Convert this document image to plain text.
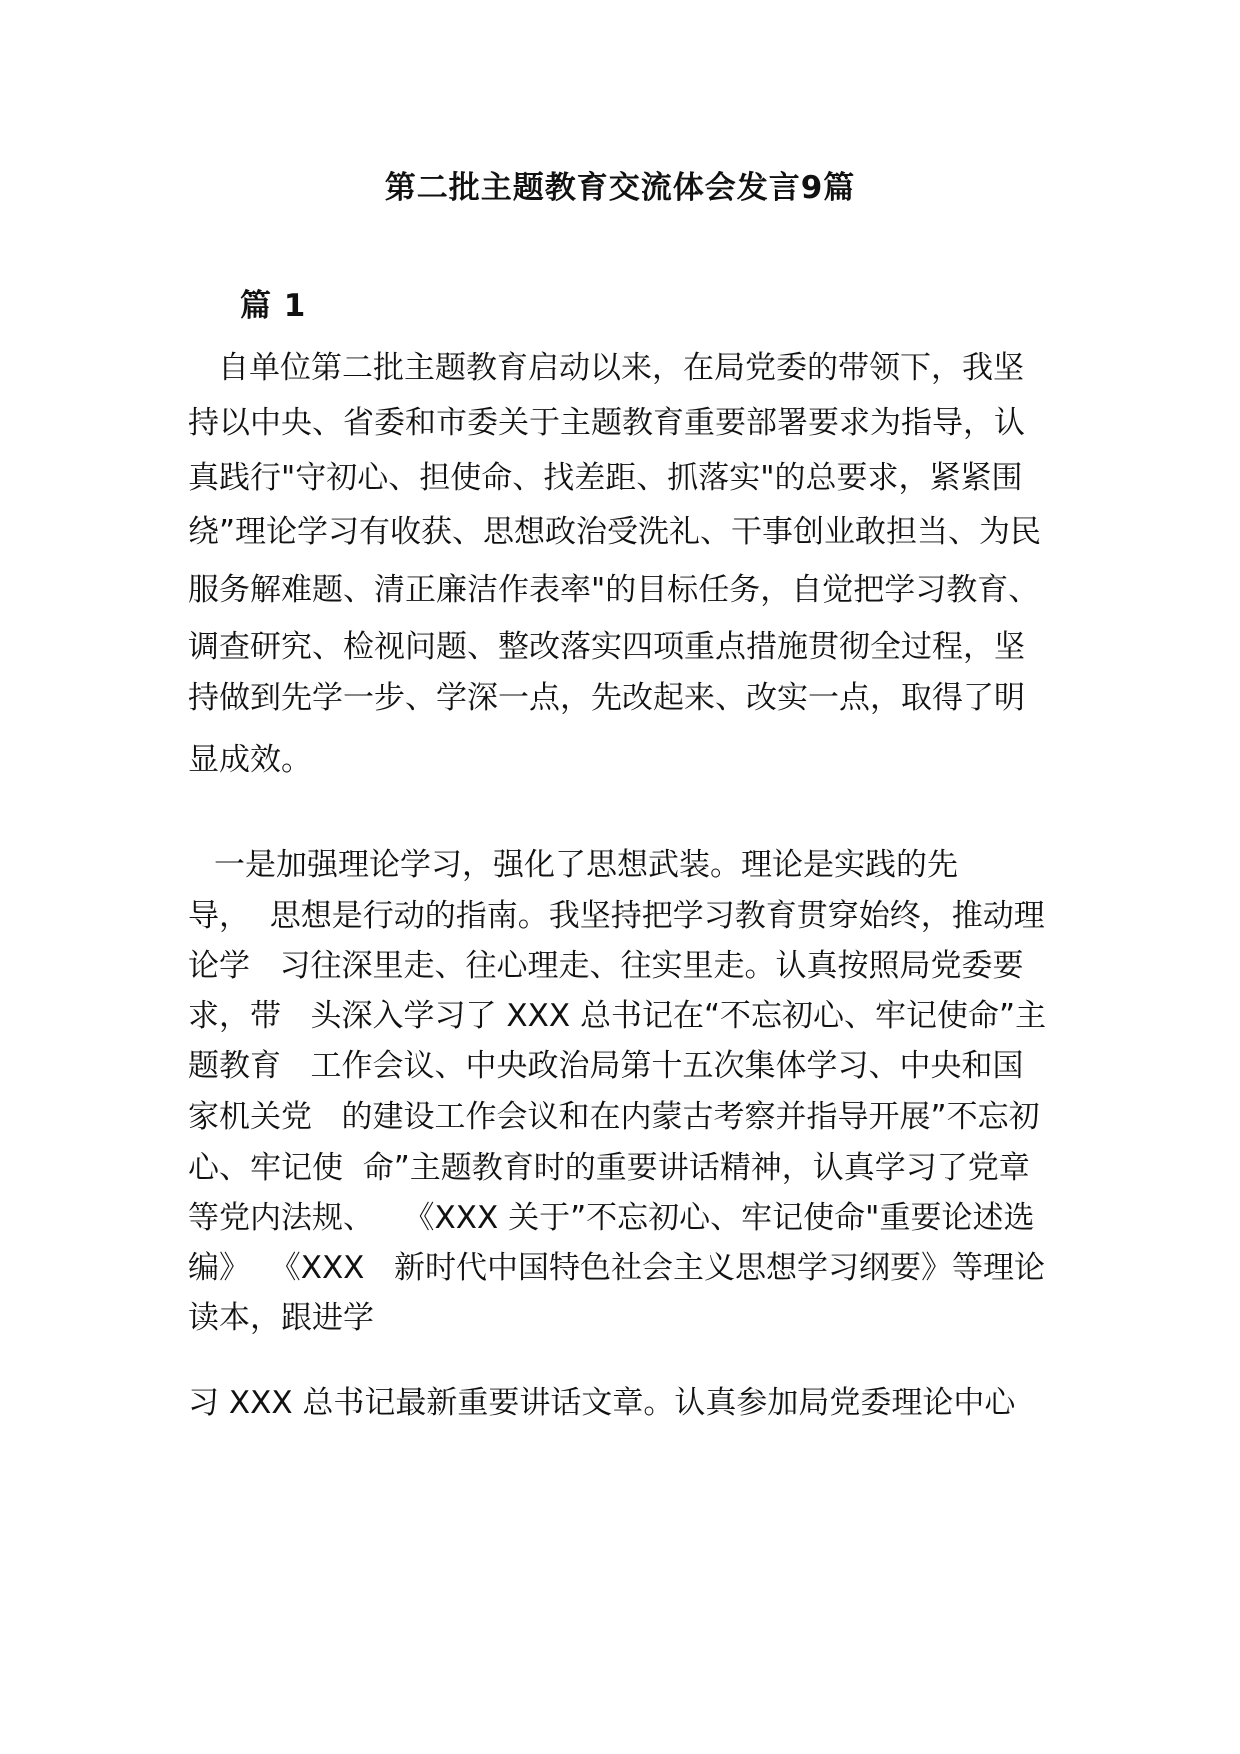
第二批主题教育交流体会发言9篇
篇 1
自单位第二批主题教育启动以来，在局党委的带领下，我坚
持以中央、省委和市委关于主题教育重要部署要求为指导，认
真践行"守初心、担使命、找差距、抓落实"的总要求，紧紧围
绕”理论学习有收获、思想政治受洗礼、干事创业敢担当、为民
服务解难题、清正廉洁作表率"的目标任务，自觉把学习教育、
调查研究、检视问题、整改落实四项重点措施贯彻全过程，坚
持做到先学一步、学深一点，先改起来、改实一点，取得了明
显成效。
一是加强理论学习，强化了思想武装。理论是实践的先
导，  思想是行动的指南。我坚持把学习教育贯穿始终，推动理
论学   习往深里走、往心理走、往实里走。认真按照局党委要
求，带   头深入学习了 XXX 总书记在“不忘初心、牢记使命”主
题教育   工作会议、中央政治局第十五次集体学习、中央和国
家机关党   的建设工作会议和在内蒙古考察并指导开展”不忘初
心、牢记使  命”主题教育时的重要讲话精神，认真学习了党章
等党内法规、   《XXX 关于”不忘初心、牢记使命"重要论述选
编》  《XXX   新时代中国特色社会主义思想学习纲要》等理论
读本，跟进学
习 XXX 总书记最新重要讲话文章。认真参加局党委理论中心
